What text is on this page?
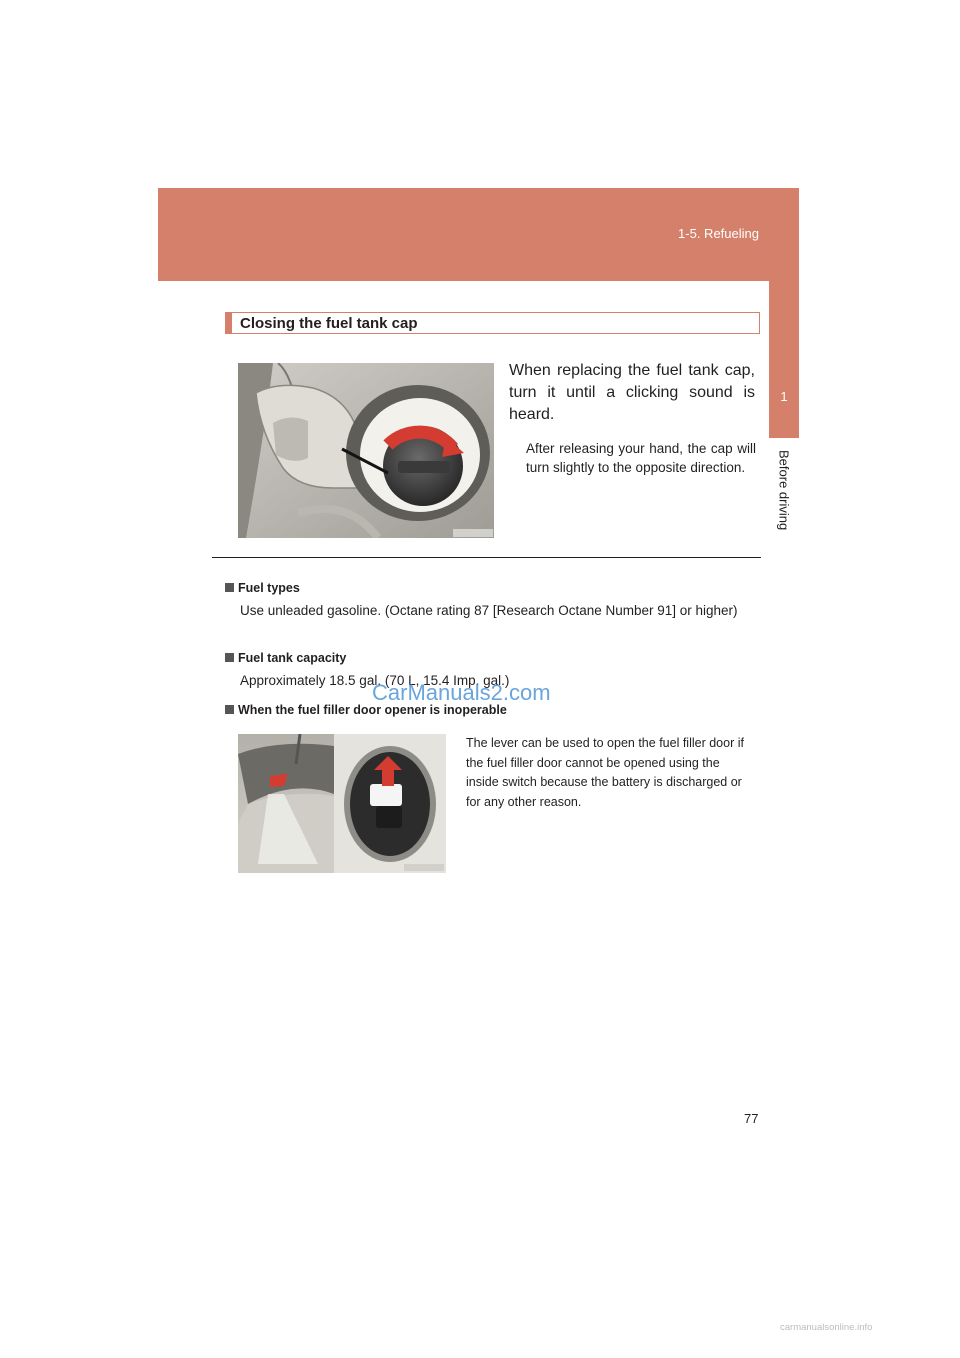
1-5. Refueling
1
Before driving
Closing the fuel tank cap
When replacing the fuel tank cap, turn it until a clicking sound is heard.
After releasing your hand, the cap will turn slightly to the opposite direction.
Fuel types
Use unleaded gasoline. (Octane rating 87 [Research Octane Number 91] or higher)
Fuel tank capacity
Approximately 18.5 gal. (70 L, 15.4 Imp. gal.)
When the fuel filler door opener is inoperable
The lever can be used to open the fuel filler door if the fuel filler door cannot be opened using the inside switch because the battery is discharged or for any other reason.
CarManuals2.com
77
carmanualsonline.info
